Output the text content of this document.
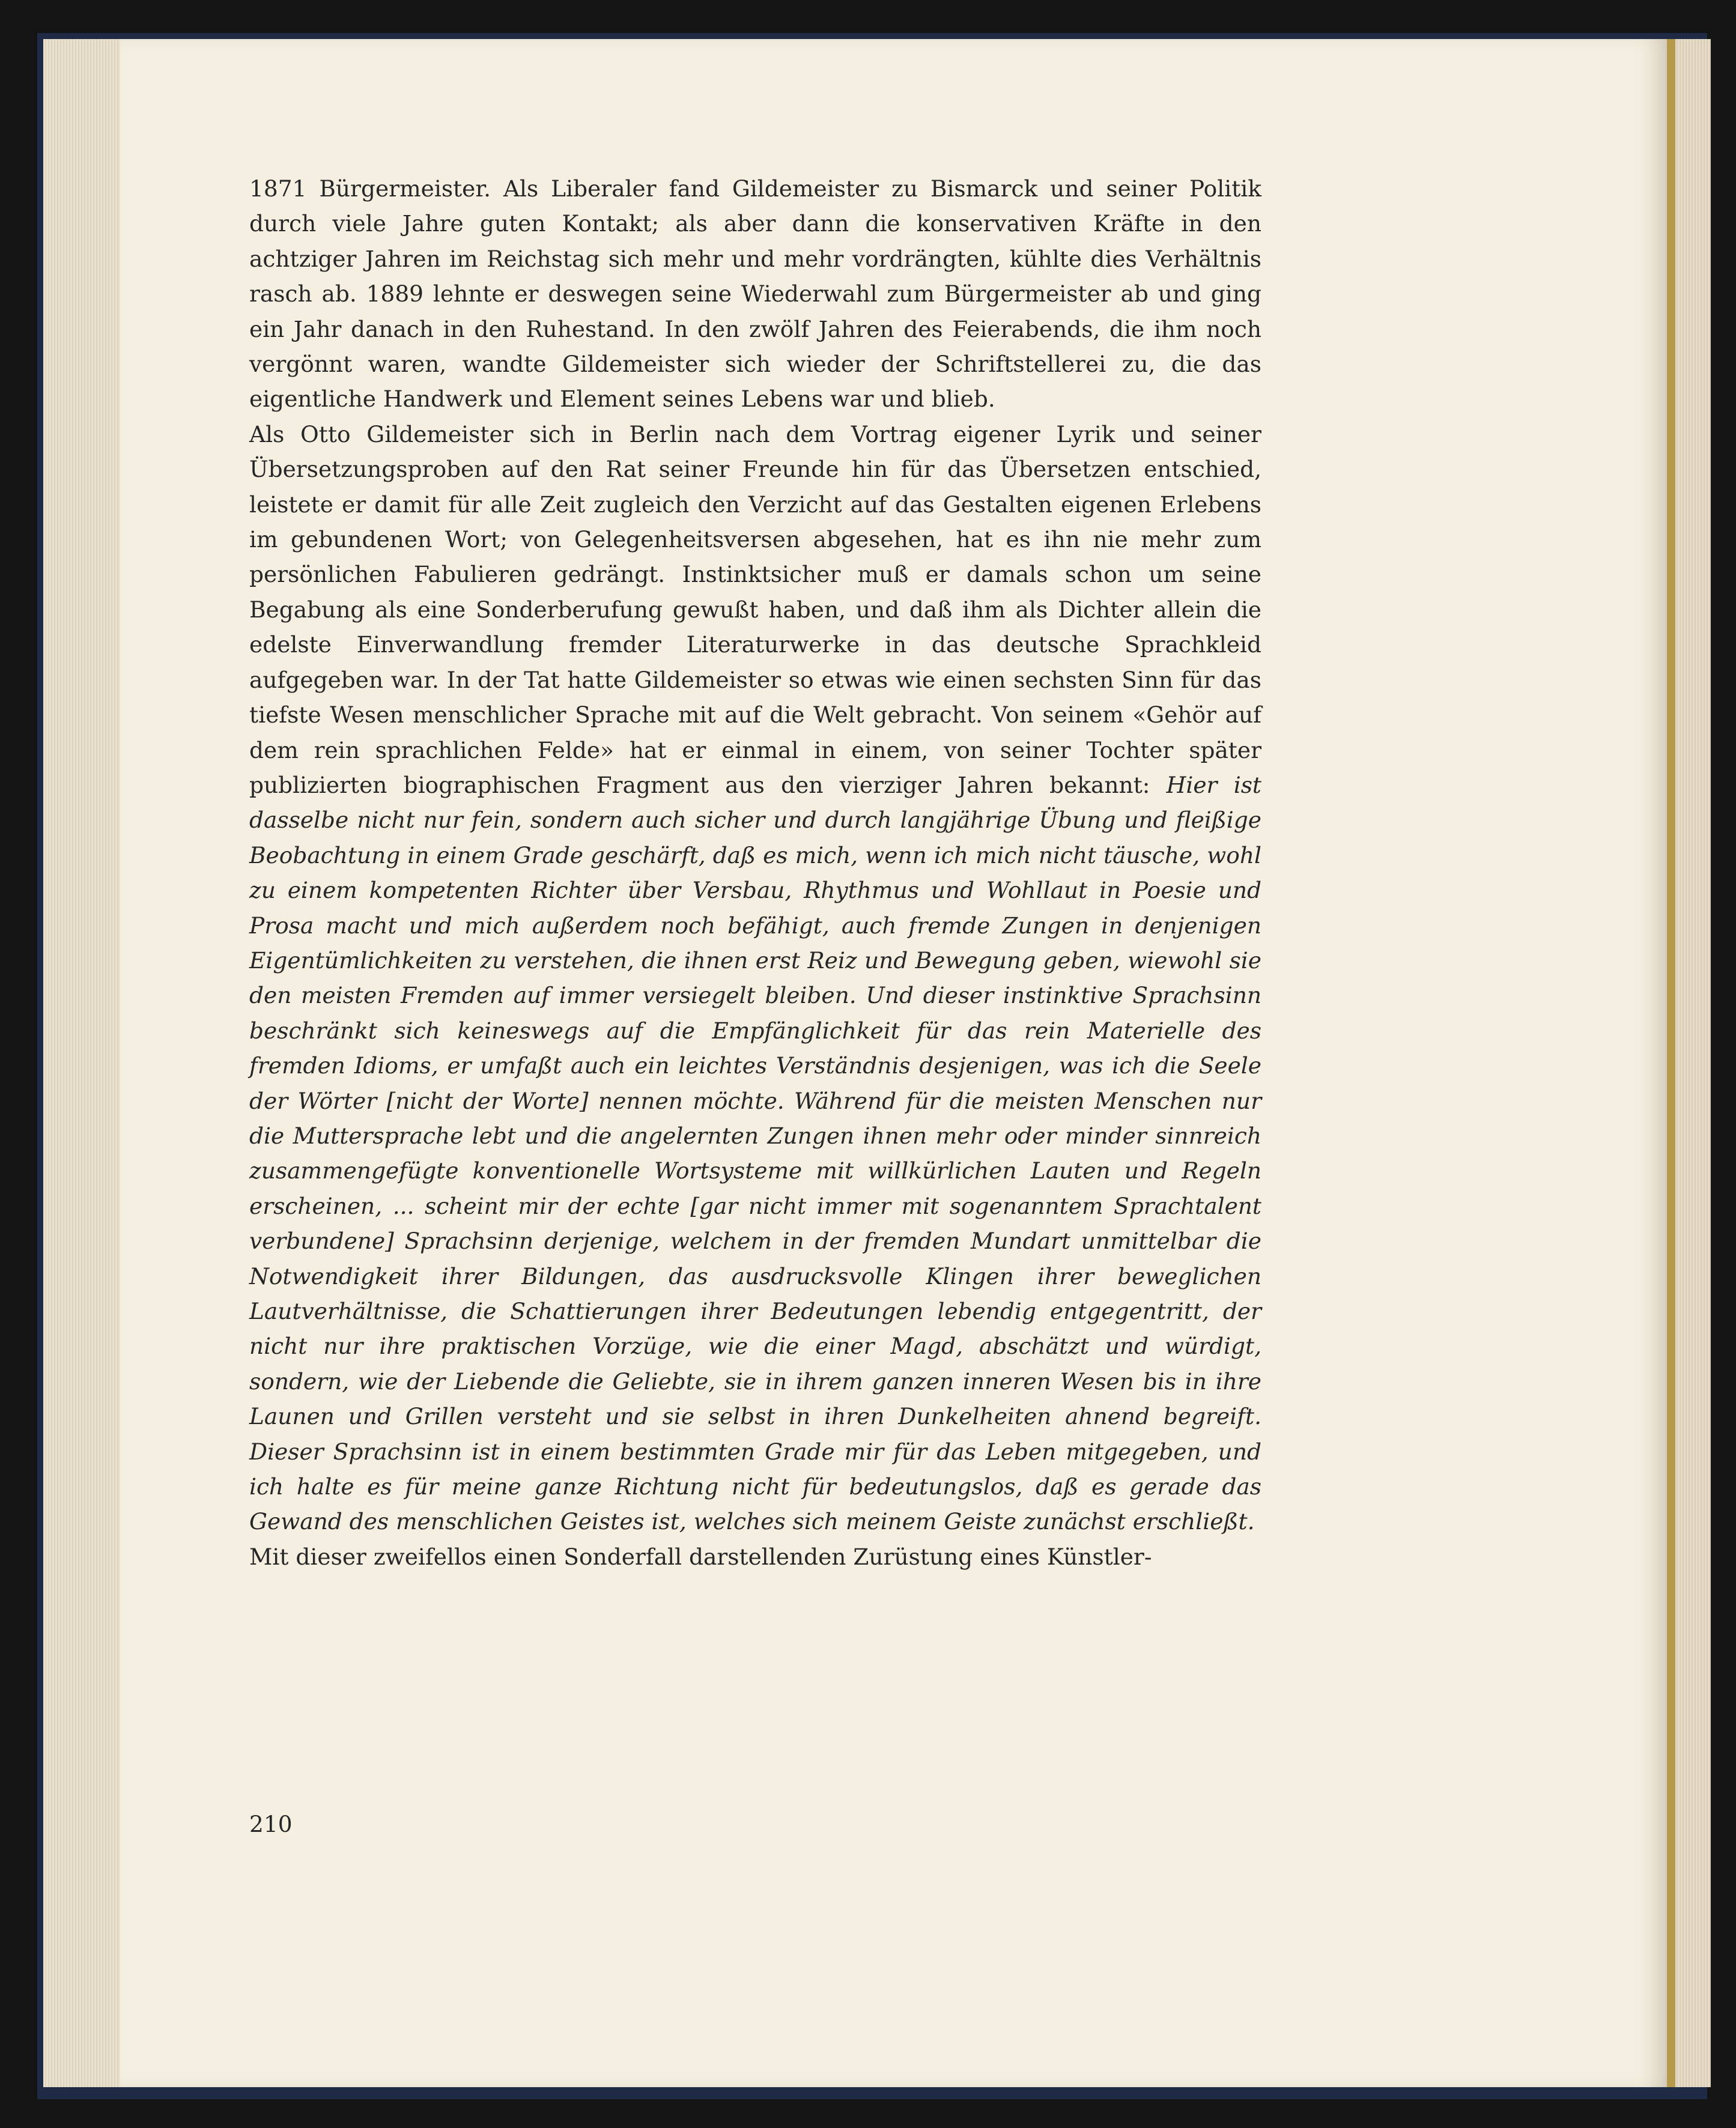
1871 Bürgermeister. Als Liberaler fand Gildemeister zu Bismarck und seiner Politik durch viele Jahre guten Kontakt; als aber dann die konservativen Kräfte in den achtziger Jahren im Reichstag sich mehr und mehr vordrängten, kühlte dies Verhältnis rasch ab. 1889 lehnte er deswegen seine Wiederwahl zum Bürgermeister ab und ging ein Jahr danach in den Ruhestand. In den zwölf Jahren des Feierabends, die ihm noch vergönnt waren, wandte Gildemeister sich wieder der Schriftstellerei zu, die das eigentliche Handwerk und Element seines Lebens war und blieb.

Als Otto Gildemeister sich in Berlin nach dem Vortrag eigener Lyrik und seiner Übersetzungsproben auf den Rat seiner Freunde hin für das Übersetzen entschied, leistete er damit für alle Zeit zugleich den Verzicht auf das Gestalten eigenen Erlebens im gebundenen Wort; von Gelegenheitsversen abgesehen, hat es ihn nie mehr zum persönlichen Fabulieren gedrängt. Instinktsicher muß er damals schon um seine Begabung als eine Sonderberufung gewußt haben, und daß ihm als Dichter allein die edelste Einverwandlung fremder Literaturwerke in das deutsche Sprachkleid aufgegeben war. In der Tat hatte Gildemeister so etwas wie einen sechsten Sinn für das tiefste Wesen menschlicher Sprache mit auf die Welt gebracht. Von seinem «Gehör auf dem rein sprachlichen Felde» hat er einmal in einem, von seiner Tochter später publizierten biographischen Fragment aus den vierziger Jahren bekannt: Hier ist dasselbe nicht nur fein, sondern auch sicher und durch langjährige Übung und fleißige Beobachtung in einem Grade geschärft, daß es mich, wenn ich mich nicht täusche, wohl zu einem kompetenten Richter über Versbau, Rhythmus und Wohllaut in Poesie und Prosa macht und mich außerdem noch befähigt, auch fremde Zungen in denjenigen Eigentümlichkeiten zu verstehen, die ihnen erst Reiz und Bewegung geben, wiewohl sie den meisten Fremden auf immer versiegelt bleiben. Und dieser instinktive Sprachsinn beschränkt sich keineswegs auf die Empfänglichkeit für das rein Materielle des fremden Idioms, er umfaßt auch ein leichtes Verständnis desjenigen, was ich die Seele der Wörter [nicht der Worte] nennen möchte. Während für die meisten Menschen nur die Muttersprache lebt und die angelernten Zungen ihnen mehr oder minder sinnreich zusammengefügte konventionelle Wortsysteme mit willkürlichen Lauten und Regeln erscheinen, ... scheint mir der echte [gar nicht immer mit sogenanntem Sprachtalent verbundene] Sprachsinn derjenige, welchem in der fremden Mundart unmittelbar die Notwendigkeit ihrer Bildungen, das ausdrucksvolle Klingen ihrer beweglichen Lautverhältnisse, die Schattierungen ihrer Bedeutungen lebendig entgegentritt, der nicht nur ihre praktischen Vorzüge, wie die einer Magd, abschätzt und würdigt, sondern, wie der Liebende die Geliebte, sie in ihrem ganzen inneren Wesen bis in ihre Launen und Grillen versteht und sie selbst in ihren Dunkelheiten ahnend begreift. Dieser Sprachsinn ist in einem bestimmten Grade mir für das Leben mitgegeben, und ich halte es für meine ganze Richtung nicht für bedeutungslos, daß es gerade das Gewand des menschlichen Geistes ist, welches sich meinem Geiste zunächst erschließt.

Mit dieser zweifellos einen Sonderfall darstellenden Zurüstung eines Künstler-

210
